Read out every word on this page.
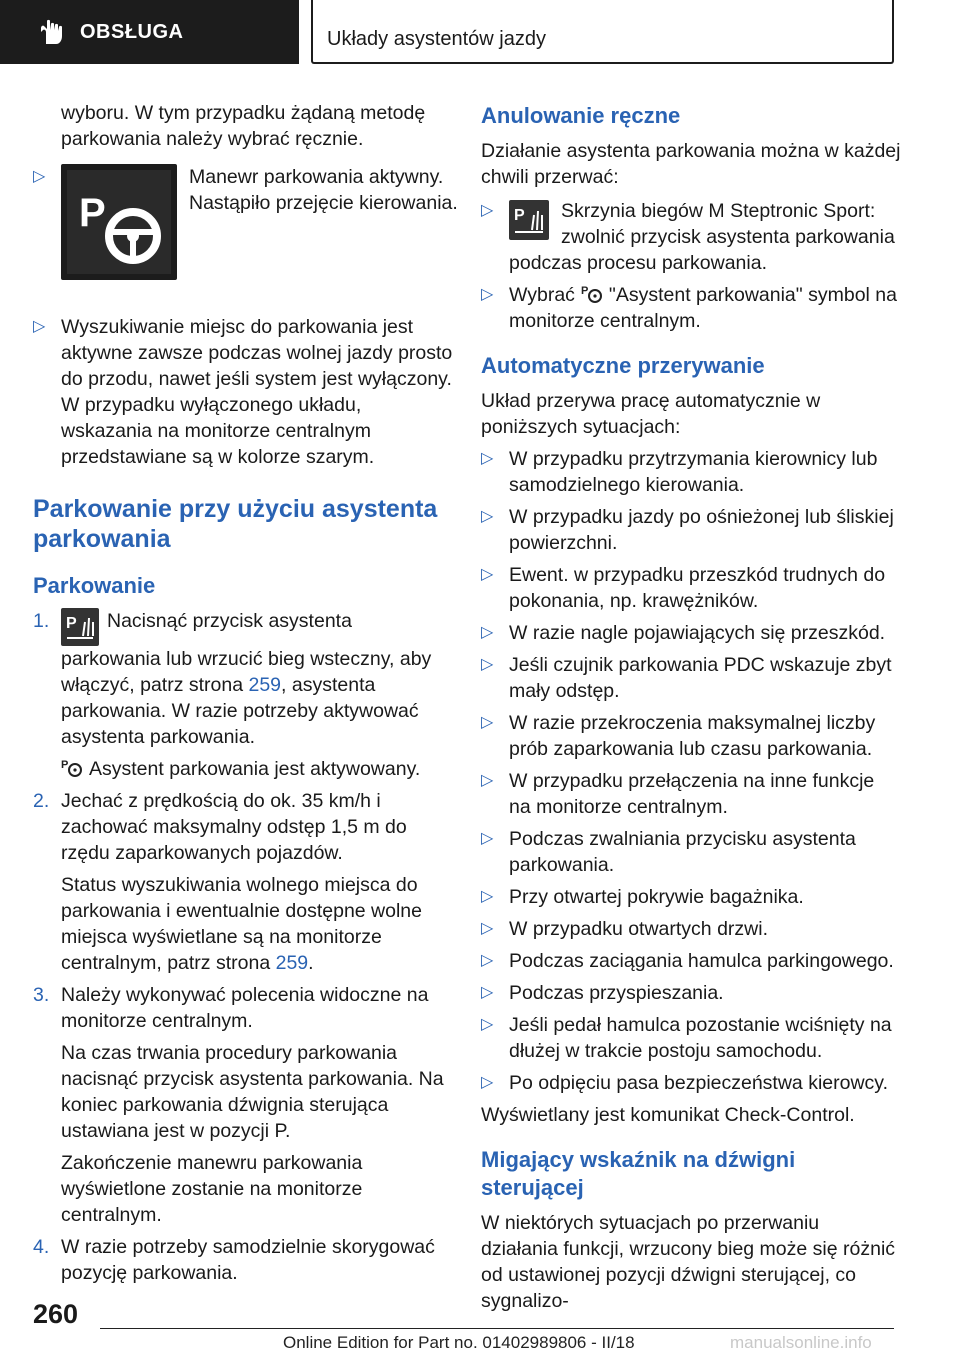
OBSŁUGA	Układy asystentów jazdy

wyboru. W tym przypadku żądaną metodę parkowania należy wybrać ręcznie.

▷
P
Manewr parkowania aktywny. Nastąpiło przejęcie kierowania.
▷ Wyszukiwanie miejsc do parkowania jest aktywne zawsze podczas wolnej jazdy prosto do przodu, nawet jeśli system jest wyłączony. W przypadku wyłączonego układu, wskazania na monitorze centralnym przedstawiane są w kolorze szarym.
Parkowanie przy użyciu asystenta parkowania
Parkowanie
1. P Nacisnąć przycisk asystenta parkowania lub wrzucić bieg wsteczny, aby włączyć, patrz strona 259, asystenta parkowania. W razie potrzeby aktywować asystenta parkowania.

P Asystent parkowania jest aktywowany.

2. Jechać z prędkością do ok. 35 km/h i zachować maksymalny odstęp 1,5 m do rzędu zaparkowanych pojazdów.

Status wyszukiwania wolnego miejsca do parkowania i ewentualnie dostępne wolne miejsca wyświetlane są na monitorze centralnym, patrz strona 259.

3. Należy wykonywać polecenia widoczne na monitorze centralnym.

Na czas trwania procedury parkowania nacisnąć przycisk asystenta parkowania. Na koniec parkowania dźwignia sterująca ustawiana jest w pozycji P.

Zakończenie manewru parkowania wyświetlone zostanie na monitorze centralnym.

4. W razie potrzeby samodzielnie skorygować pozycję parkowania.

Anulowanie ręczne

Działanie asystenta parkowania można w każdej chwili przerwać:

▷	P Skrzynia biegów M Steptronic Sport: zwolnić przycisk asystenta parkowania podczas procesu parkowania.
▷ Wybrać P "Asystent parkowania" symbol na monitorze centralnym.
Automatyczne przerywanie

Układ przerywa pracę automatycznie w poniższych sytuacjach:

▷ W przypadku przytrzymania kierownicy lub samodzielnego kierowania.
▷ W przypadku jazdy po ośnieżonej lub śliskiej powierzchni.
▷ Ewent. w przypadku przeszkód trudnych do pokonania, np. krawężników.
▷ W razie nagle pojawiających się przeszkód.
▷ Jeśli czujnik parkowania PDC wskazuje zbyt mały odstęp.
▷ W razie przekroczenia maksymalnej liczby prób zaparkowania lub czasu parkowania.
▷ W przypadku przełączenia na inne funkcje na monitorze centralnym.
▷ Podczas zwalniania przycisku asystenta parkowania.
▷ Przy otwartej pokrywie bagażnika.
▷ W przypadku otwartych drzwi.
▷ Podczas zaciągania hamulca parkingowego.
▷ Podczas przyspieszania.
▷ Jeśli pedał hamulca pozostanie wciśnięty na dłużej w trakcie postoju samochodu.
▷ Po odpięciu pasa bezpieczeństwa kierowcy.

Wyświetlany jest komunikat Check-Control.

Migający wskaźnik na dźwigni sterującej

W niektórych sytuacjach po przerwaniu działania funkcji, wrzucony bieg może się różnić od ustawionej pozycji dźwigni sterującej, co sygnalizo-

260
Online Edition for Part no. 01402989806 - II/18	manualsonline.info
